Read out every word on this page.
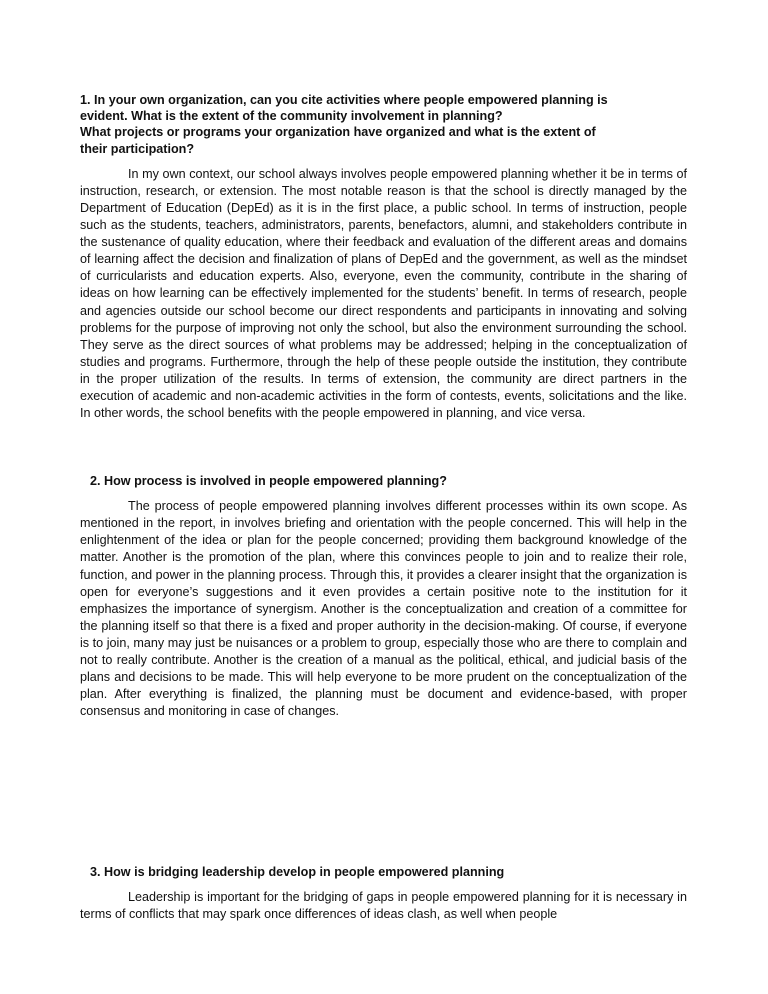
1. In your own organization, can you cite activities where people empowered planning is
evident. What is the extent of the community involvement in planning?
What projects or programs your organization have organized and what is the extent of
their participation?

In my own context, our school always involves people empowered planning whether it be in terms of instruction, research, or extension. The most notable reason is that the school is directly managed by the Department of Education (DepEd) as it is in the first place, a public school. In terms of instruction, people such as the students, teachers, administrators, parents, benefactors, alumni, and stakeholders contribute in the sustenance of quality education, where their feedback and evaluation of the different areas and domains of learning affect the decision and finalization of plans of DepEd and the government, as well as the mindset of curricularists and education experts. Also, everyone, even the community, contribute in the sharing of ideas on how learning can be effectively implemented for the students’ benefit. In terms of research, people and agencies outside our school become our direct respondents and participants in innovating and solving problems for the purpose of improving not only the school, but also the environment surrounding the school. They serve as the direct sources of what problems may be addressed; helping in the conceptualization of studies and programs. Furthermore, through the help of these people outside the institution, they contribute in the proper utilization of the results. In terms of extension, the community are direct partners in the execution of academic and non-academic activities in the form of contests, events, solicitations and the like. In other words, the school benefits with the people empowered in planning, and vice versa.

2. How process is involved in people empowered planning?

The process of people empowered planning involves different processes within its own scope. As mentioned in the report, in involves briefing and orientation with the people concerned. This will help in the enlightenment of the idea or plan for the people concerned; providing them background knowledge of the matter. Another is the promotion of the plan, where this convinces people to join and to realize their role, function, and power in the planning process. Through this, it provides a clearer insight that the organization is open for everyone’s suggestions and it even provides a certain positive note to the institution for it emphasizes the importance of synergism. Another is the conceptualization and creation of a committee for the planning itself so that there is a fixed and proper authority in the decision-making. Of course, if everyone is to join, many may just be nuisances or a problem to group, especially those who are there to complain and not to really contribute. Another is the creation of a manual as the political, ethical, and judicial basis of the plans and decisions to be made. This will help everyone to be more prudent on the conceptualization of the plan. After everything is finalized, the planning must be document and evidence-based, with proper consensus and monitoring in case of changes.

3. How is bridging leadership develop in people empowered planning

Leadership is important for the bridging of gaps in people empowered planning for it is necessary in terms of conflicts that may spark once differences of ideas clash, as well when people
